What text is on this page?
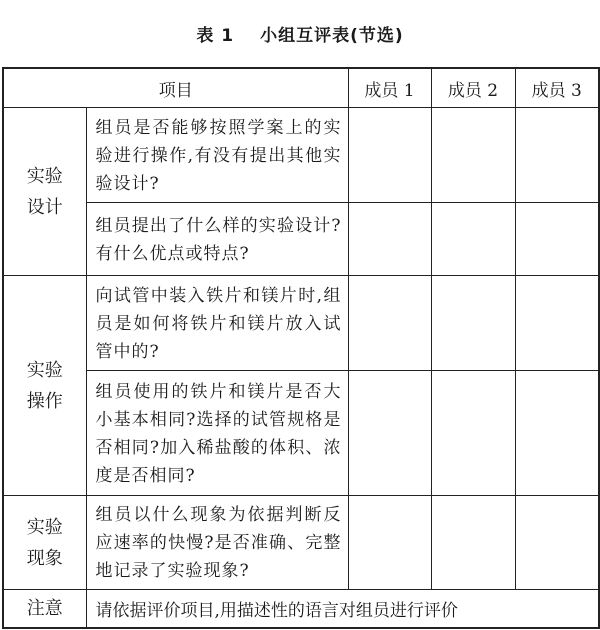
表 1 小组互评表(节选)
项目		成员 1	成员 2	成员 3

实验
设计	组员是否能够按照学案上的实验进行操作,有没有提出其他实验设计?			
	组员提出了什么样的实验设计?有什么优点或特点?			

实验
操作	向试管中装入铁片和镁片时,组员是如何将铁片和镁片放入试管中的?			
	组员使用的铁片和镁片是否大小基本相同?选择的试管规格是否相同?加入稀盐酸的体积、浓度是否相同?			

实验
现象	组员以什么现象为依据判断反应速率的快慢?是否准确、完整地记录了实验现象?			
注意	请依据评价项目,用描述性的语言对组员进行评价			
